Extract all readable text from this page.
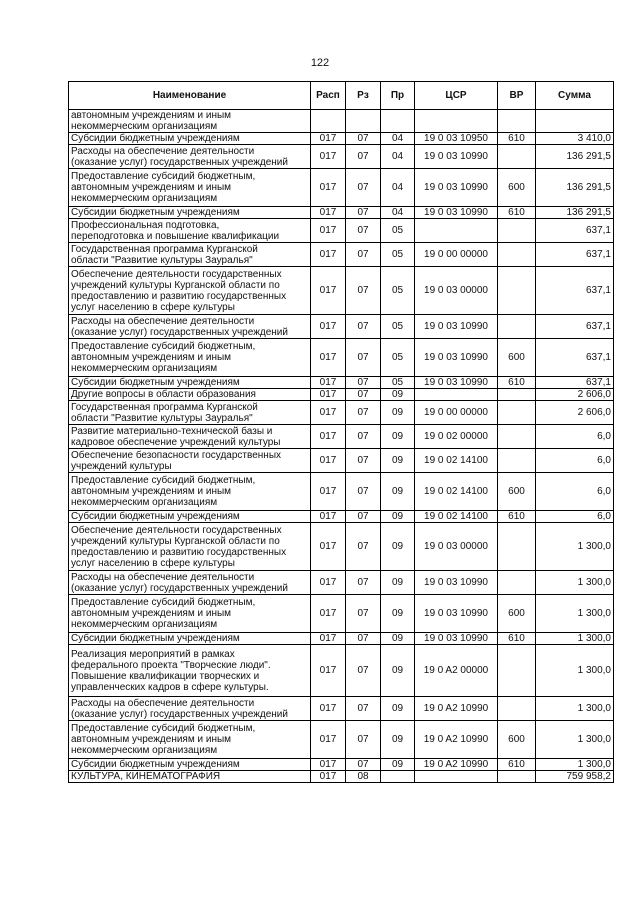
122
Наименование	Расп	Рз	Пр	ЦСР	ВР	Сумма
автономным учреждениям и иным
некоммерческим организациям						
Субсидии бюджетным учреждениям	017	07	04	19 0 03 10950	610	3 410,0
Расходы на обеспечение деятельности
(оказание услуг) государственных учреждений	017	07	04	19 0 03 10990		136 291,5
Предоставление субсидий бюджетным,
автономным учреждениям и иным
некоммерческим организациям	017	07	04	19 0 03 10990	600	136 291,5
Субсидии бюджетным учреждениям	017	07	04	19 0 03 10990	610	136 291,5
Профессиональная подготовка,
переподготовка и повышение квалификации	017	07	05			637,1
Государственная программа Курганской
области "Развитие культуры Зауралья"	017	07	05	19 0 00 00000		637,1
Обеспечение деятельности государственных
учреждений культуры Курганской области по
предоставлению и развитию государственных
услуг населению в сфере культуры	017	07	05	19 0 03 00000		637,1
Расходы на обеспечение деятельности
(оказание услуг) государственных учреждений	017	07	05	19 0 03 10990		637,1
Предоставление субсидий бюджетным,
автономным учреждениям и иным
некоммерческим организациям	017	07	05	19 0 03 10990	600	637,1
Субсидии бюджетным учреждениям	017	07	05	19 0 03 10990	610	637,1
Другие вопросы в области образования	017	07	09			2 606,0
Государственная программа Курганской
области "Развитие культуры Зауралья"	017	07	09	19 0 00 00000		2 606,0
Развитие материально-технической базы и
кадровое обеспечение учреждений культуры	017	07	09	19 0 02 00000		6,0
Обеспечение безопасности государственных
учреждений культуры	017	07	09	19 0 02 14100		6,0
Предоставление субсидий бюджетным,
автономным учреждениям и иным
некоммерческим организациям	017	07	09	19 0 02 14100	600	6,0
Субсидии бюджетным учреждениям	017	07	09	19 0 02 14100	610	6,0
Обеспечение деятельности государственных
учреждений культуры Курганской области по
предоставлению и развитию государственных
услуг населению в сфере культуры	017	07	09	19 0 03 00000		1 300,0
Расходы на обеспечение деятельности
(оказание услуг) государственных учреждений	017	07	09	19 0 03 10990		1 300,0
Предоставление субсидий бюджетным,
автономным учреждениям и иным
некоммерческим организациям	017	07	09	19 0 03 10990	600	1 300,0
Субсидии бюджетным учреждениям	017	07	09	19 0 03 10990	610	1 300,0
Реализация мероприятий в рамках
федерального проекта "Творческие люди".
Повышение квалификации творческих и
управленческих кадров в сфере культуры.	017	07	09	19 0 A2 00000		1 300,0
Расходы на обеспечение деятельности
(оказание услуг) государственных учреждений	017	07	09	19 0 A2 10990		1 300,0
Предоставление субсидий бюджетным,
автономным учреждениям и иным
некоммерческим организациям	017	07	09	19 0 A2 10990	600	1 300,0
Субсидии бюджетным учреждениям	017	07	09	19 0 A2 10990	610	1 300,0
КУЛЬТУРА, КИНЕМАТОГРАФИЯ	017	08				759 958,2
